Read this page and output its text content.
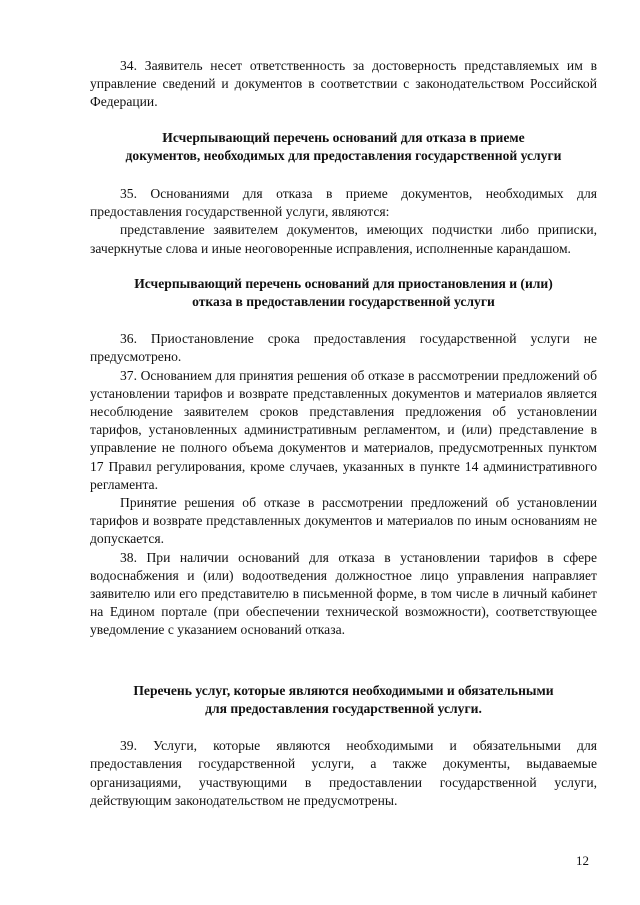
34. Заявитель несет ответственность за достоверность представляемых им в управление сведений и документов в соответствии с законодательством Российской Федерации.

Исчерпывающий перечень оснований для отказа в приеме
документов, необходимых для предоставления государственной услуги

35. Основаниями для отказа в приеме документов, необходимых для предоставления государственной услуги, являются:

представление заявителем документов, имеющих подчистки либо приписки, зачеркнутые слова и иные неоговоренные исправления, исполненные карандашом.

Исчерпывающий перечень оснований для приостановления и (или)
отказа в предоставлении государственной услуги

36. Приостановление срока предоставления государственной услуги не предусмотрено.

37. Основанием для принятия решения об отказе в рассмотрении предложений об установлении тарифов и возврате представленных документов и материалов является несоблюдение заявителем сроков представления предложения об установлении тарифов, установленных административным регламентом, и (или) представление в управление не полного объема документов и материалов, предусмотренных пунктом 17 Правил регулирования, кроме случаев, указанных в пункте 14 административного регламента.

Принятие решения об отказе в рассмотрении предложений об установлении тарифов и возврате представленных документов и материалов по иным основаниям не допускается.

38. При наличии оснований для отказа в установлении тарифов в сфере водоснабжения и (или) водоотведения должностное лицо управления направляет заявителю или его представителю в письменной форме, в том числе в личный кабинет на Едином портале (при обеспечении технической возможности), соответствующее уведомление с указанием оснований отказа.

Перечень услуг, которые являются необходимыми и обязательными
для предоставления государственной услуги.

39. Услуги, которые являются необходимыми и обязательными для предоставления государственной услуги, а также документы, выдаваемые организациями, участвующими в предоставлении государственной услуги, действующим законодательством не предусмотрены.

12
